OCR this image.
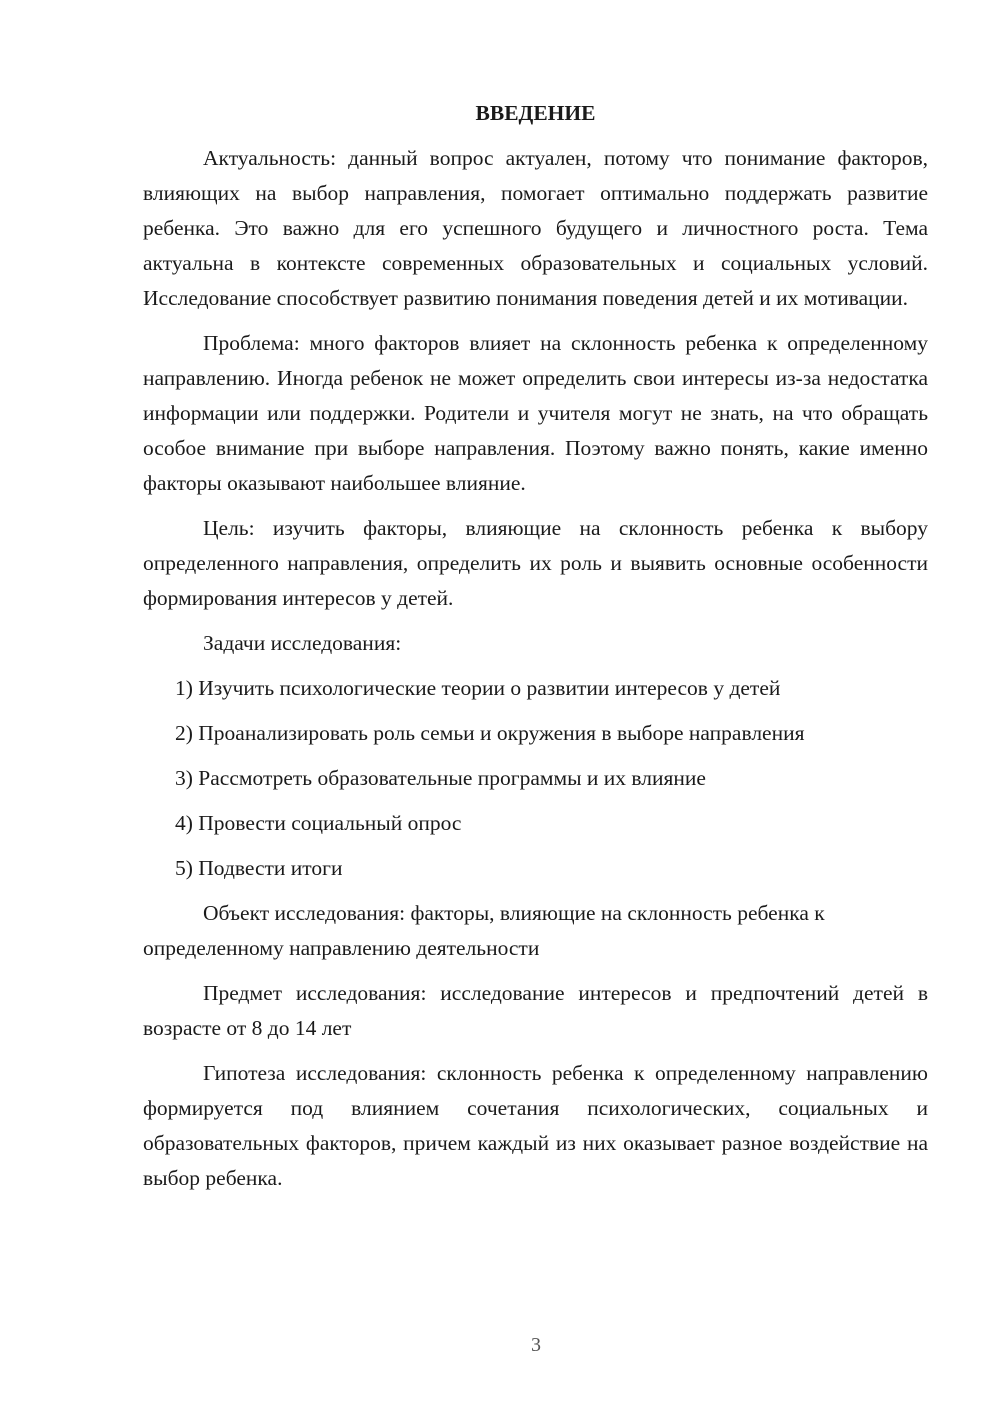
ВВЕДЕНИЕ

Актуальность: данный вопрос актуален, потому что понимание факторов, влияющих на выбор направления, помогает оптимально поддержать развитие ребенка. Это важно для его успешного будущего и личностного роста. Тема актуальна в контексте современных образовательных и социальных условий. Исследование способствует развитию понимания поведения детей и их мотивации.

Проблема: много факторов влияет на склонность ребенка к определенному направлению. Иногда ребенок не может определить свои интересы из-за недостатка информации или поддержки. Родители и учителя могут не знать, на что обращать особое внимание при выборе направления. Поэтому важно понять, какие именно факторы оказывают наибольшее влияние.

Цель: изучить факторы, влияющие на склонность ребенка к выбору определенного направления, определить их роль и выявить основные особенности формирования интересов у детей.

Задачи исследования:

1) Изучить психологические теории о развитии интересов у детей
2) Проанализировать роль семьи и окружения в выборе направления
3) Рассмотреть образовательные программы и их влияние
4) Провести социальный опрос
5) Подвести итоги

Объект исследования: факторы, влияющие на склонность ребенка к определенному направлению деятельности

Предмет исследования: исследование интересов и предпочтений детей в возрасте от 8 до 14 лет

Гипотеза исследования: склонность ребенка к определенному направлению формируется под влиянием сочетания психологических, социальных и образовательных факторов, причем каждый из них оказывает разное воздействие на выбор ребенка.

3
